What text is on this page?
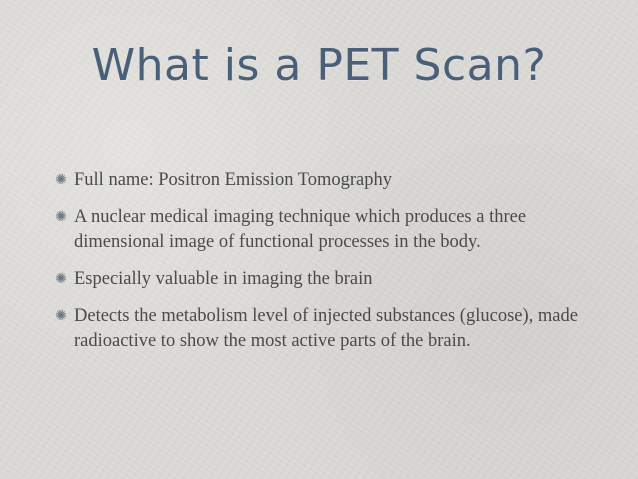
What is a PET Scan?
✺ Full name: Positron Emission Tomography
✺ A nuclear medical imaging technique which produces a three dimensional image of functional processes in the body.
✺ Especially valuable in imaging the brain
✺ Detects the metabolism level of injected substances (glucose), made radioactive to show the most active parts of the brain.
